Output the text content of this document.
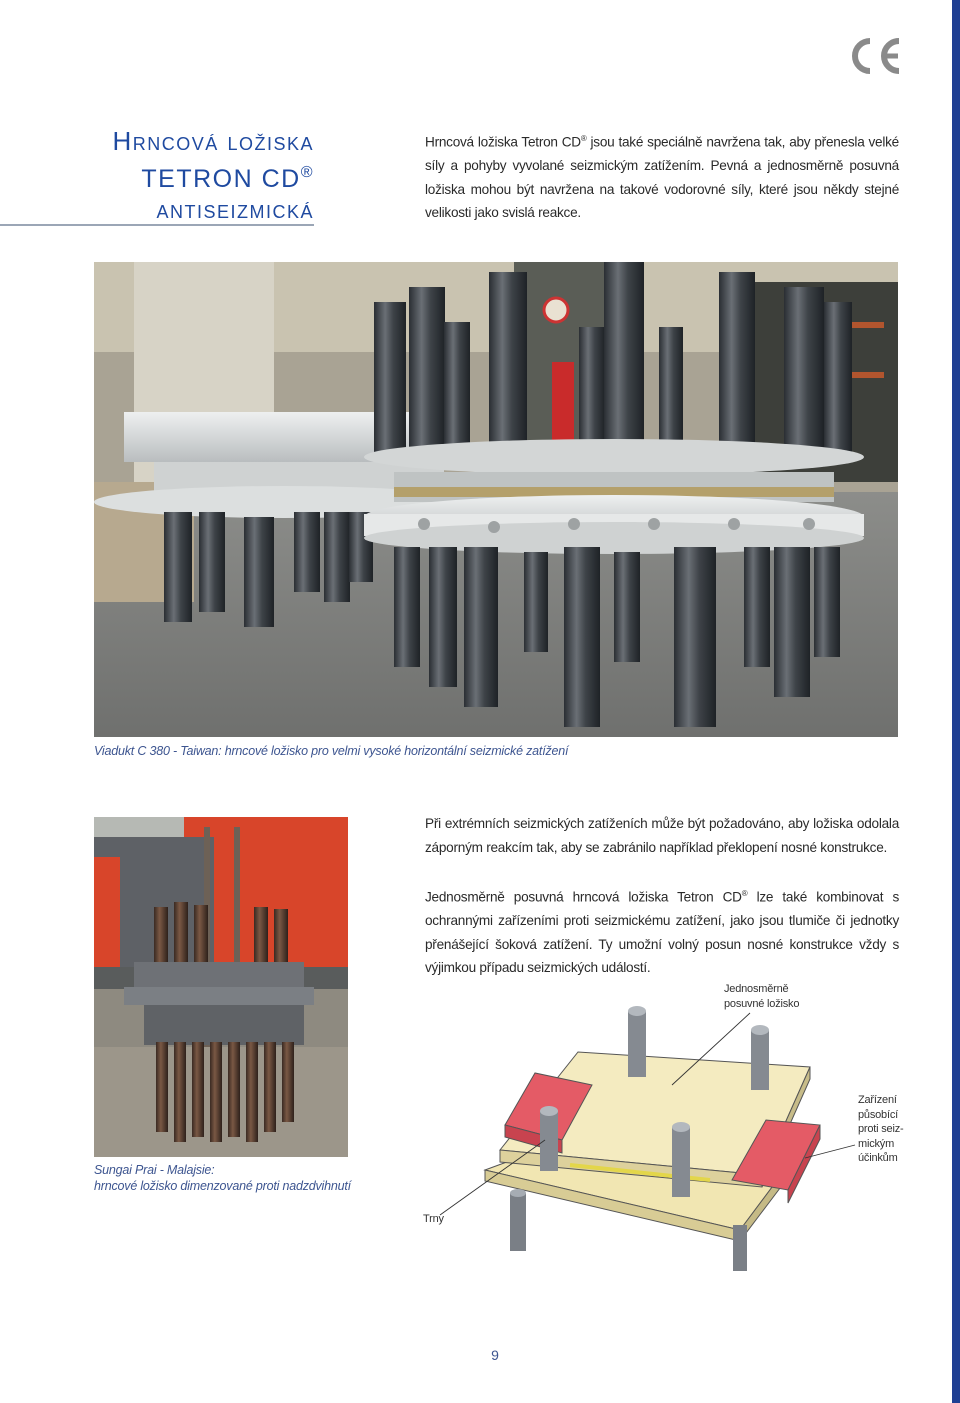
Hrncová ložiska
TETRON CD®
antiseizmická
Hrncová ložiska Tetron CD® jsou také speciálně navržena tak, aby přenesla velké síly a pohyby vyvolané seizmickým zatížením. Pevná a jednosměrně posuvná ložiska mohou být navržena na takové vodorovné síly, které jsou někdy stejné velikosti jako svislá reakce.
Viadukt C 380 - Taiwan: hrncové ložisko pro velmi vysoké horizontální seizmické zatížení
Při extrémních seizmických zatíženích může být požadováno, aby ložiska odolala záporným reakcím tak, aby se zabránilo například překlopení nosné konstrukce.
Sungai Prai - Malajsie:
hrncové ložisko dimenzované proti nadzdvihnutí
Jednosměrně posuvná hrncová ložiska Tetron CD® lze také kombinovat s ochrannými zařízeními proti seizmickému zatížení, jako jsou tlumiče či jednotky přenášející šoková zatížení. Ty umožní volný posun nosné konstrukce vždy s výjimkou případu seizmických událostí.
Jednosměrně
posuvné ložisko
Zařízení
působící
proti seiz-
mickým
účinkům
Trny
9
